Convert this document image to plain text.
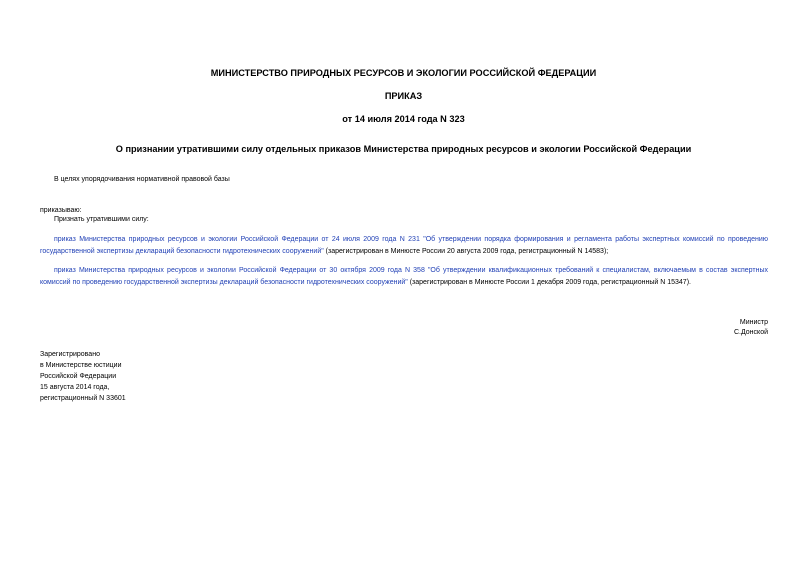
МИНИСТЕРСТВО ПРИРОДНЫХ РЕСУРСОВ И ЭКОЛОГИИ РОССИЙСКОЙ ФЕДЕРАЦИИ
ПРИКАЗ
от 14 июля 2014 года N 323
О признании утратившими силу отдельных приказов Министерства природных ресурсов и экологии Российской Федерации
В целях упорядочивания нормативной правовой базы
приказываю:
Признать утратившими силу:
приказ Министерства природных ресурсов и экологии Российской Федерации от 24 июля 2009 года N 231 "Об утверждении порядка формирования и регламента работы экспертных комиссий по проведению государственной экспертизы деклараций безопасности гидротехнических сооружений" (зарегистрирован в Минюсте России 20 августа 2009 года, регистрационный N 14583);
приказ Министерства природных ресурсов и экологии Российской Федерации от 30 октября 2009 года N 358 "Об утверждении квалификационных требований к специалистам, включаемым в состав экспертных комиссий по проведению государственной экспертизы деклараций безопасности гидротехнических сооружений" (зарегистрирован в Минюсте России 1 декабря 2009 года, регистрационный N 15347).
Министр
С.Донской
Зарегистрировано
в Министерстве юстиции
Российской Федерации
15 августа 2014 года,
регистрационный N 33601
